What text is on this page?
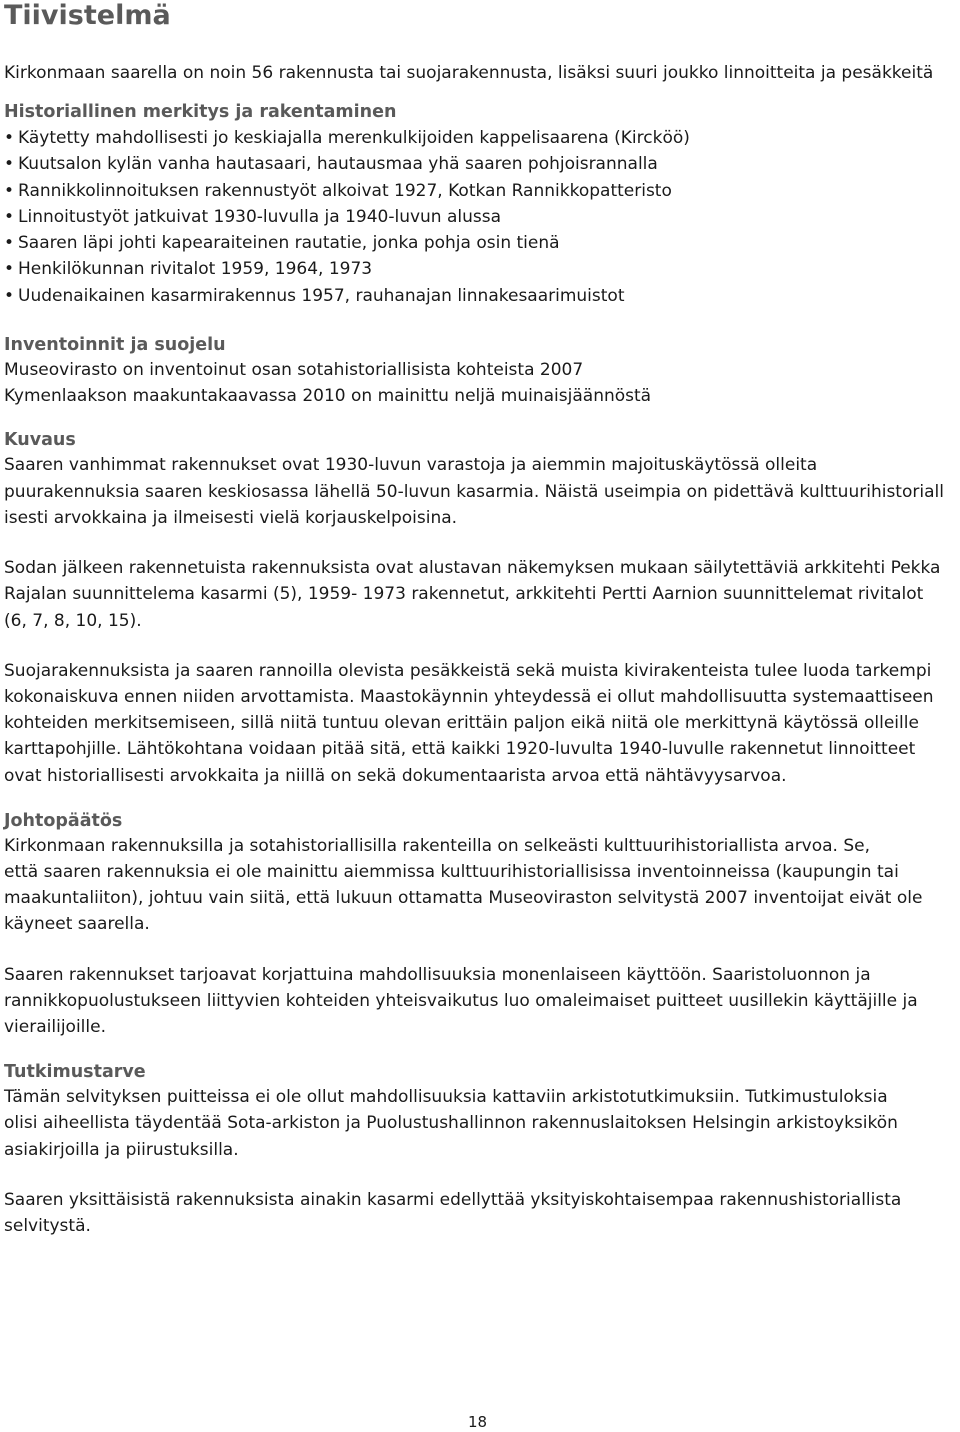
Tiivistelmä

Kirkonmaan saarella on noin 56 rakennusta tai suojarakennusta, lisäksi suuri joukko linnoitteita ja pesäkkeitä

Historiallinen merkitys ja rakentaminen
• Käytetty mahdollisesti jo keskiajalla merenkulkijoiden kappelisaarena (Kirckӧӧ)
• Kuutsalon kylän vanha hautasaari, hautausmaa yhä saaren pohjoisrannalla
• Rannikkolinnoituksen rakennustyöt alkoivat 1927, Kotkan Rannikkopatteristo
• Linnoitustyöt jatkuivat 1930-luvulla ja 1940-luvun alussa
• Saaren läpi johti kapearaiteinen rautatie, jonka pohja osin tienä
• Henkilökunnan rivitalot 1959, 1964, 1973
• Uudenaikainen kasarmirakennus 1957, rauhanajan linnakesaarimuistot
Inventoinnit ja suojelu

Museovirasto on inventoinut osan sotahistoriallisista kohteista 2007
Kymenlaakson maakuntakaavassa 2010 on mainittu neljä muinaisjäännöstä

Kuvaus

Saaren vanhimmat rakennukset ovat 1930-luvun varastoja ja aiemmin majoituskäytössä olleita
puurakennuksia saaren keskiosassa lähellä 50-luvun kasarmia. Näistä useimpia on pidettävä kulttuurihistoriall
isesti arvokkaina ja ilmeisesti vielä korjauskelpoisina.

Sodan jälkeen rakennetuista rakennuksista ovat alustavan näkemyksen mukaan säilytettäviä arkkitehti Pekka
Rajalan suunnittelema kasarmi (5), 1959- 1973 rakennetut, arkkitehti Pertti Aarnion suunnittelemat rivitalot
(6, 7, 8, 10, 15).

Suojarakennuksista ja saaren rannoilla olevista pesäkkeistä sekä muista kivirakenteista tulee luoda tarkempi
kokonaiskuva ennen niiden arvottamista. Maastokäynnin yhteydessä ei ollut mahdollisuutta systemaattiseen
kohteiden merkitsemiseen, sillä niitä tuntuu olevan erittäin paljon eikä niitä ole merkittynä käytössä olleille
karttapohjille. Lähtökohtana voidaan pitää sitä, että kaikki 1920-luvulta 1940-luvulle rakennetut linnoitteet
ovat historiallisesti arvokkaita ja niillä on sekä dokumentaarista arvoa että nähtävyysarvoa.

Johtopäätös

Kirkonmaan rakennuksilla ja sotahistoriallisilla rakenteilla on selkeästi kulttuurihistoriallista arvoa. Se,
että saaren rakennuksia ei ole mainittu aiemmissa kulttuurihistoriallisissa inventoinneissa (kaupungin tai
maakuntaliiton), johtuu vain siitä, että lukuun ottamatta Museoviraston selvitystä 2007 inventoijat eivät ole
käyneet saarella.

Saaren rakennukset tarjoavat korjattuina mahdollisuuksia monenlaiseen käyttöön. Saaristoluonnon ja
rannikkopuolustukseen liittyvien kohteiden yhteisvaikutus luo omaleimaiset puitteet uusillekin käyttäjille ja
vierailijoille.

Tutkimustarve

Tämän selvityksen puitteissa ei ole ollut mahdollisuuksia kattaviin arkistotutkimuksiin. Tutkimustuloksia
olisi aiheellista täydentää Sota-arkiston ja Puolustushallinnon rakennuslaitoksen Helsingin arkistoyksikön
asiakirjoilla ja piirustuksilla.

Saaren yksittäisistä rakennuksista ainakin kasarmi edellyttää yksityiskohtaisempaa rakennushistoriallista
selvitystä.

18
